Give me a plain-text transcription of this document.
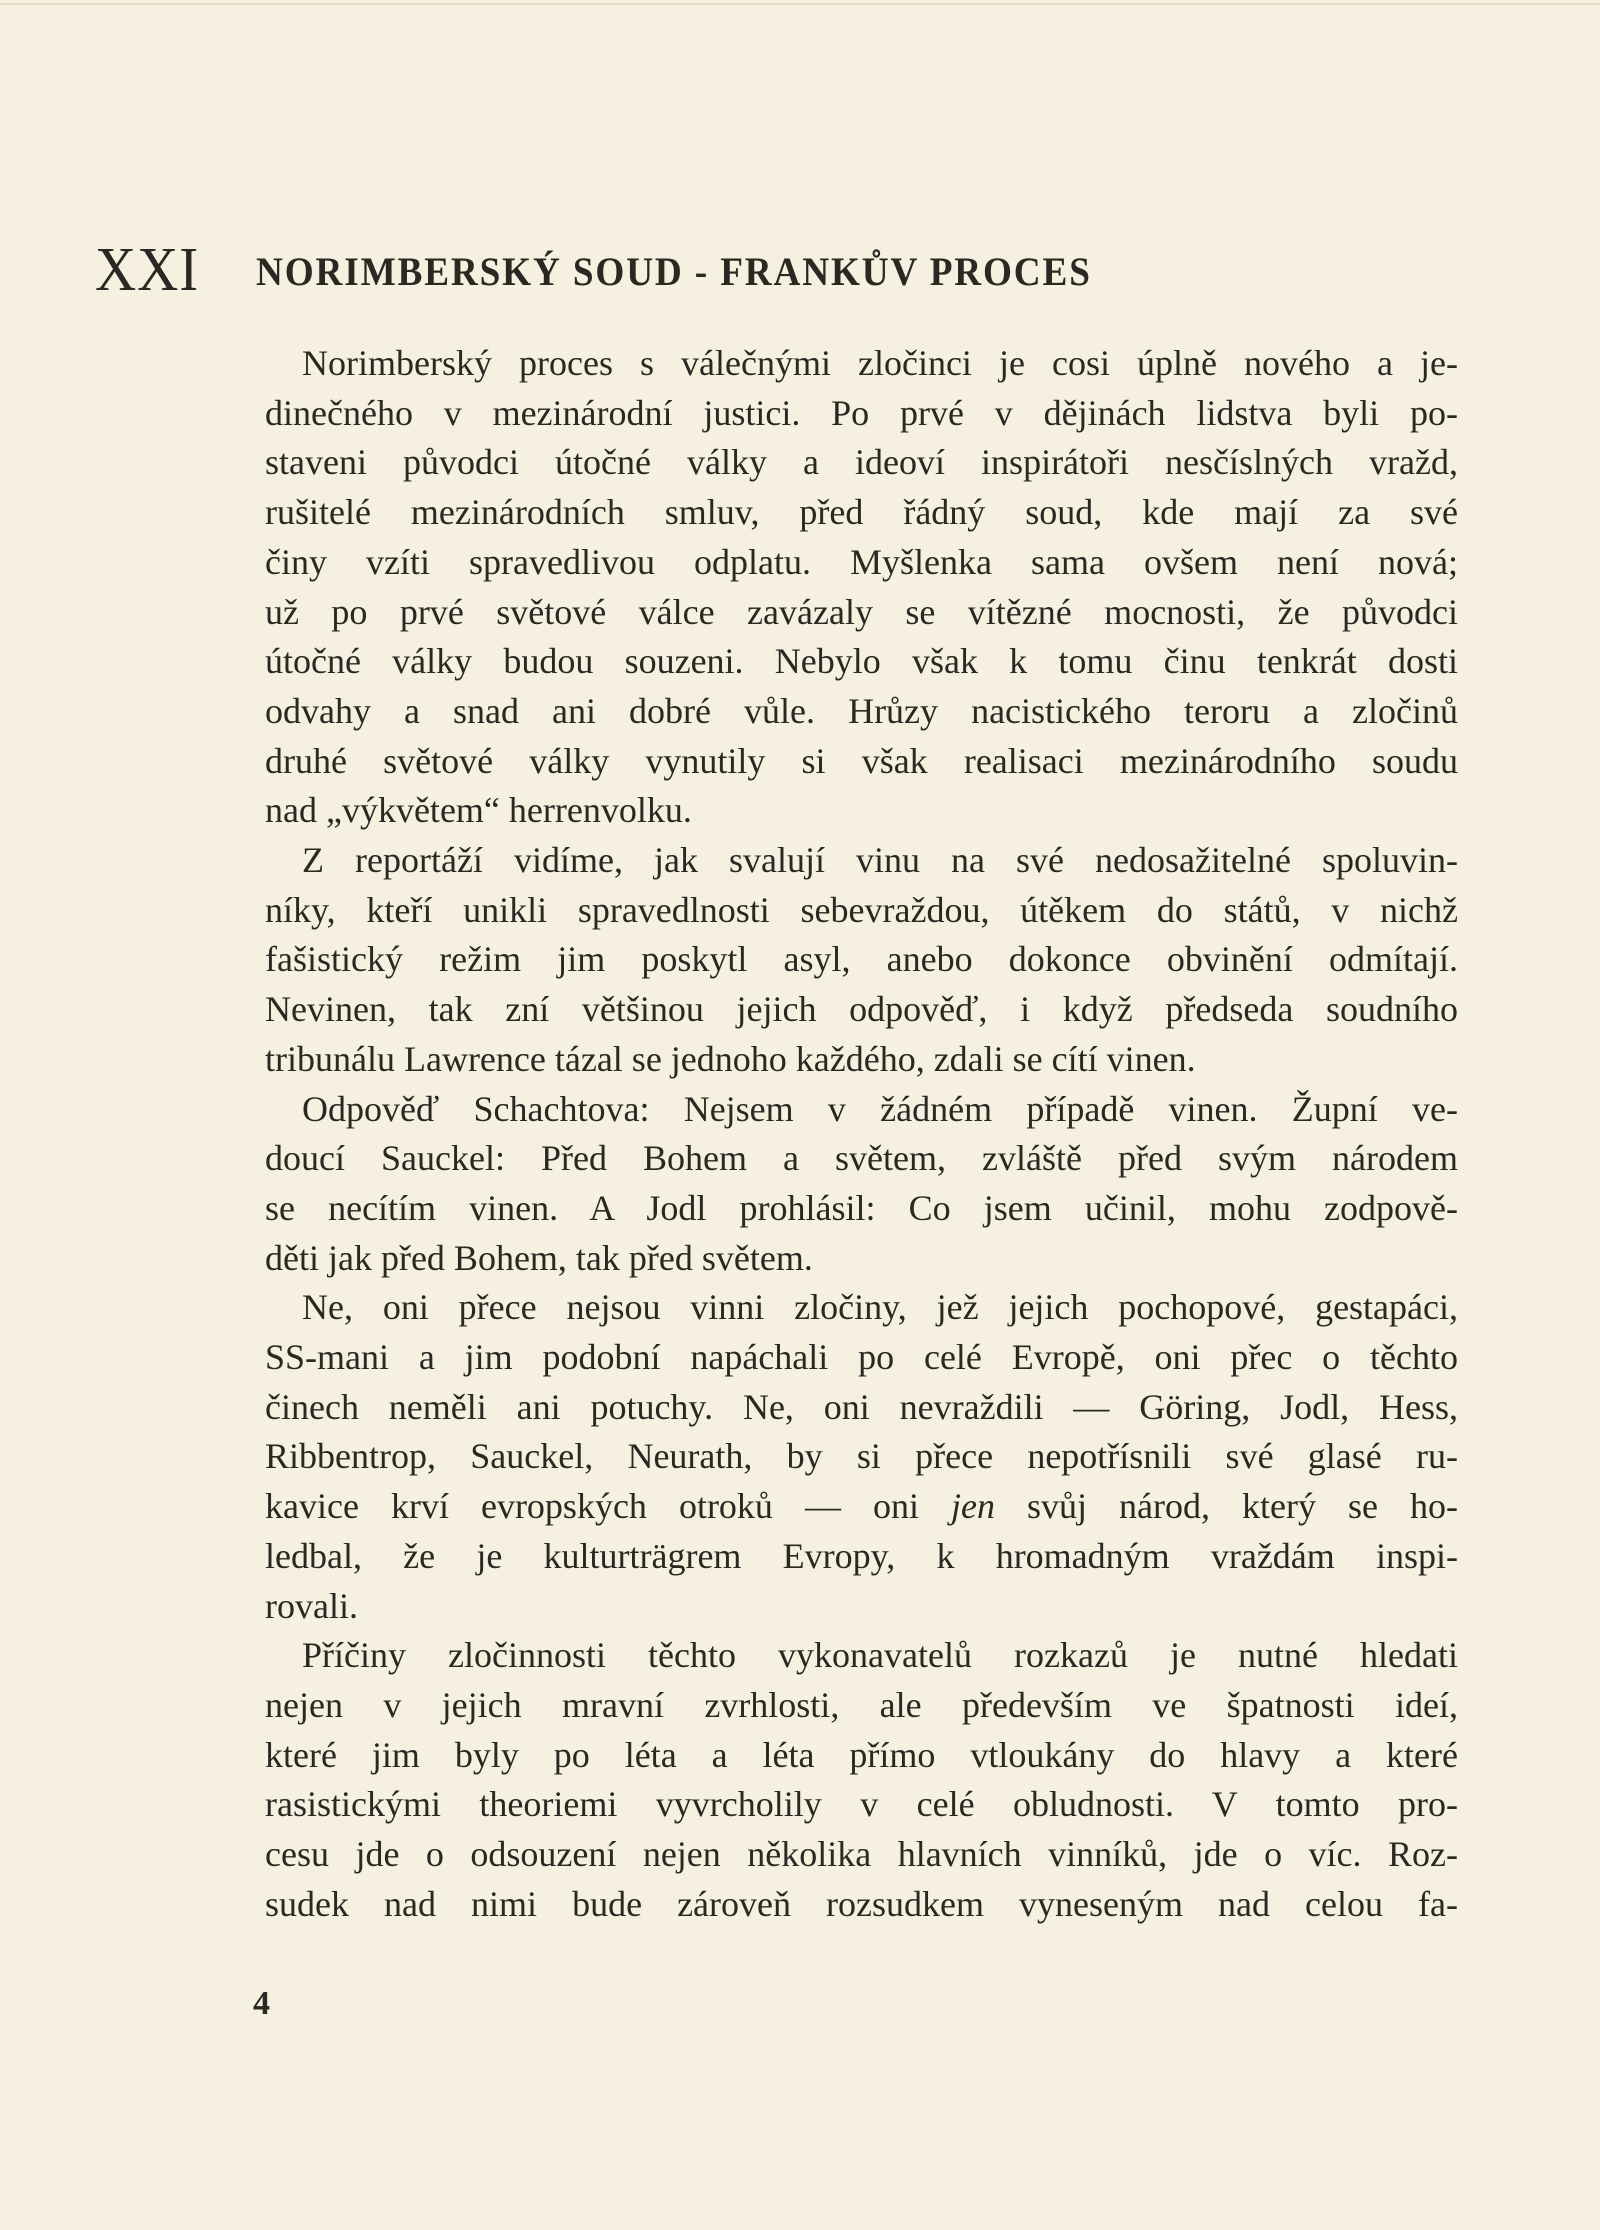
XXI NORIMBERSKÝ SOUD - FRANKŮV PROCES
Norimberský proces s válečnými zločinci je cosi úplně nového a je-
dinečného v mezinárodní justici. Po prvé v dějinách lidstva byli po-
staveni původci útočné války a ideoví inspirátoři nesčíslných vražd,
rušitelé mezinárodních smluv, před řádný soud, kde mají za své
činy vzíti spravedlivou odplatu. Myšlenka sama ovšem není nová;
už po prvé světové válce zavázaly se vítězné mocnosti, že původci
útočné války budou souzeni. Nebylo však k tomu činu tenkrát dosti
odvahy a snad ani dobré vůle. Hrůzy nacistického teroru a zločinů
druhé světové války vynutily si však realisaci mezinárodního soudu
nad „výkvětem“ herrenvolku.
Z reportáží vidíme, jak svalují vinu na své nedosažitelné spoluvin-
níky, kteří unikli spravedlnosti sebevraždou, útěkem do států, v nichž
fašistický režim jim poskytl asyl, anebo dokonce obvinění odmítají.
Nevinen, tak zní většinou jejich odpověď, i když předseda soudního
tribunálu Lawrence tázal se jednoho každého, zdali se cítí vinen.
Odpověď Schachtova: Nejsem v žádném případě vinen. Župní ve-
doucí Sauckel: Před Bohem a světem, zvláště před svým národem
se necítím vinen. A Jodl prohlásil: Co jsem učinil, mohu zodpově-
děti jak před Bohem, tak před světem.
Ne, oni přece nejsou vinni zločiny, jež jejich pochopové, gestapáci,
SS-mani a jim podobní napáchali po celé Evropě, oni přec o těchto
činech neměli ani potuchy. Ne, oni nevraždili — Göring, Jodl, Hess,
Ribbentrop, Sauckel, Neurath, by si přece nepotřísnili své glasé ru-
kavice krví evropských otroků — oni jen svůj národ, který se ho-
ledbal, že je kulturträgrem Evropy, k hromadným vraždám inspi-
rovali.
Příčiny zločinnosti těchto vykonavatelů rozkazů je nutné hledati
nejen v jejich mravní zvrhlosti, ale především ve špatnosti ideí,
které jim byly po léta a léta přímo vtloukány do hlavy a které
rasistickými theoriemi vyvrcholily v celé obludnosti. V tomto pro-
cesu jde o odsouzení nejen několika hlavních vinníků, jde o víc. Roz-
sudek nad nimi bude zároveň rozsudkem vyneseným nad celou fa-
4
